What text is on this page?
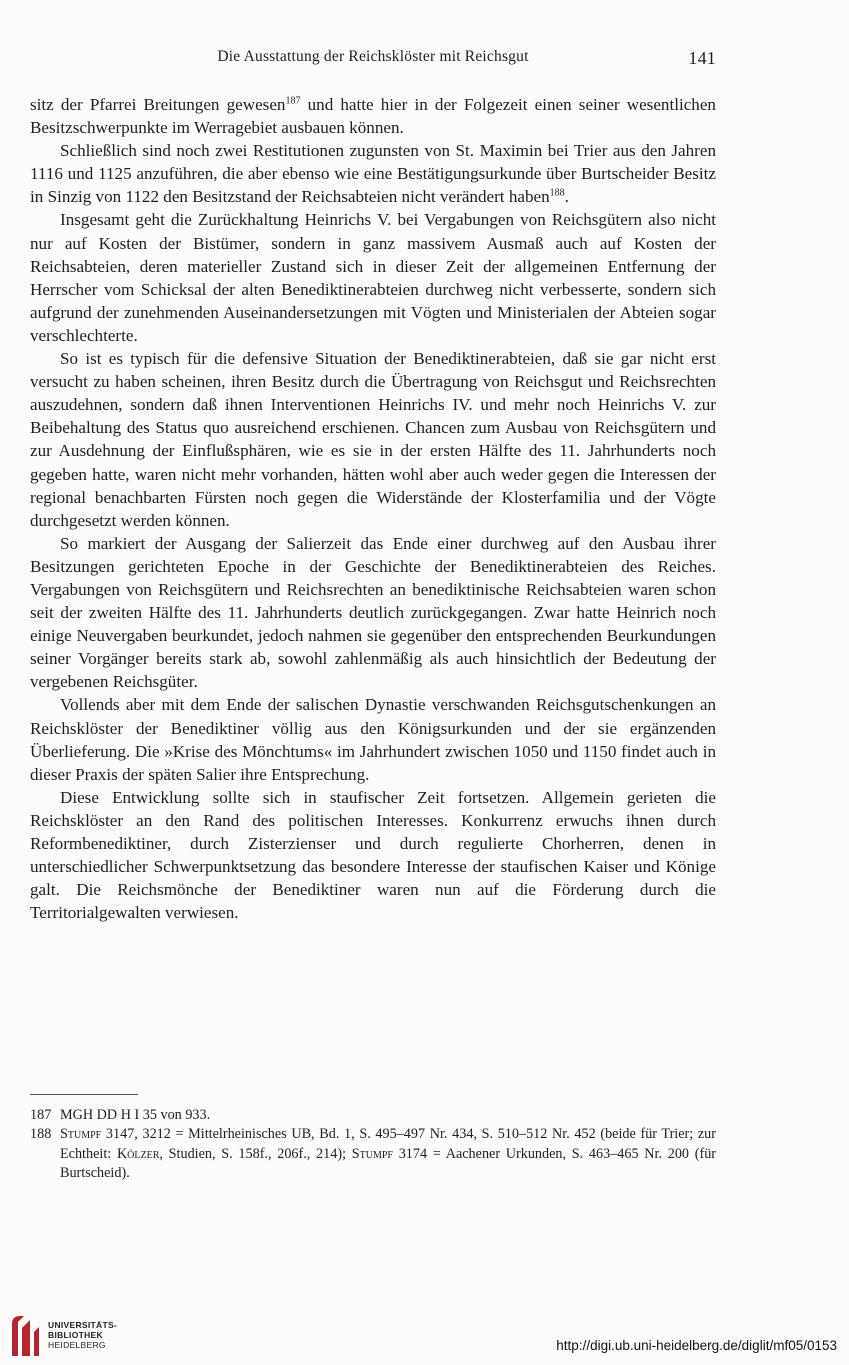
Die Ausstattung der Reichsklöster mit Reichsgut	141

sitz der Pfarrei Breitungen gewesen$^{187}$ und hatte hier in der Folgezeit einen seiner wesentlichen Besitzschwerpunkte im Werragebiet ausbauen können.

Schließlich sind noch zwei Restitutionen zugunsten von St. Maximin bei Trier aus den Jahren 1116 und 1125 anzuführen, die aber ebenso wie eine Bestätigungsurkunde über Burtscheider Besitz in Sinzig von 1122 den Besitzstand der Reichsabteien nicht verändert haben$^{188}$.

Insgesamt geht die Zurückhaltung Heinrichs V. bei Vergabungen von Reichsgütern also nicht nur auf Kosten der Bistümer, sondern in ganz massivem Ausmaß auch auf Kosten der Reichsabteien, deren materieller Zustand sich in dieser Zeit der allgemeinen Entfernung der Herrscher vom Schicksal der alten Benediktinerabteien durchweg nicht verbesserte, sondern sich aufgrund der zunehmenden Auseinandersetzungen mit Vögten und Ministerialen der Abteien sogar verschlechterte.

So ist es typisch für die defensive Situation der Benediktinerabteien, daß sie gar nicht erst versucht zu haben scheinen, ihren Besitz durch die Übertragung von Reichsgut und Reichsrechten auszudehnen, sondern daß ihnen Interventionen Heinrichs IV. und mehr noch Heinrichs V. zur Beibehaltung des Status quo ausreichend erschienen. Chancen zum Ausbau von Reichsgütern und zur Ausdehnung der Einflußsphären, wie es sie in der ersten Hälfte des 11. Jahrhunderts noch gegeben hatte, waren nicht mehr vorhanden, hätten wohl aber auch weder gegen die Interessen der regional benachbarten Fürsten noch gegen die Widerstände der Klosterfamilia und der Vögte durchgesetzt werden können.

So markiert der Ausgang der Salierzeit das Ende einer durchweg auf den Ausbau ihrer Besitzungen gerichteten Epoche in der Geschichte der Benediktinerabteien des Reiches. Vergabungen von Reichsgütern und Reichsrechten an benediktinische Reichsabteien waren schon seit der zweiten Hälfte des 11. Jahrhunderts deutlich zurückgegangen. Zwar hatte Heinrich noch einige Neuvergaben beurkundet, jedoch nahmen sie gegenüber den entsprechenden Beurkundungen seiner Vorgänger bereits stark ab, sowohl zahlenmäßig als auch hinsichtlich der Bedeutung der vergebenen Reichsgüter.

Vollends aber mit dem Ende der salischen Dynastie verschwanden Reichsgutschenkungen an Reichsklöster der Benediktiner völlig aus den Königsurkunden und der sie ergänzenden Überlieferung. Die »Krise des Mönchtums« im Jahrhundert zwischen 1050 und 1150 findet auch in dieser Praxis der späten Salier ihre Entsprechung.

Diese Entwicklung sollte sich in staufischer Zeit fortsetzen. Allgemein gerieten die Reichsklöster an den Rand des politischen Interesses. Konkurrenz erwuchs ihnen durch Reformbenediktiner, durch Zisterzienser und durch regulierte Chorherren, denen in unterschiedlicher Schwerpunktsetzung das besondere Interesse der staufischen Kaiser und Könige galt. Die Reichsmönche der Benediktiner waren nun auf die Förderung durch die Territorialgewalten verwiesen.

187 MGH DD H I 35 von 933.
188 Stumpf 3147, 3212 = Mittelrheinisches UB, Bd. 1, S. 495–497 Nr. 434, S. 510–512 Nr. 452 (beide für Trier; zur Echtheit: Kölzer, Studien, S. 158f., 206f., 214); Stumpf 3174 = Aachener Urkunden, S. 463–465 Nr. 200 (für Burtscheid).
UNIVERSITÄTS-
BIBLIOTHEK
HEIDELBERG	http://digi.ub.uni-heidelberg.de/diglit/mf05/0153
